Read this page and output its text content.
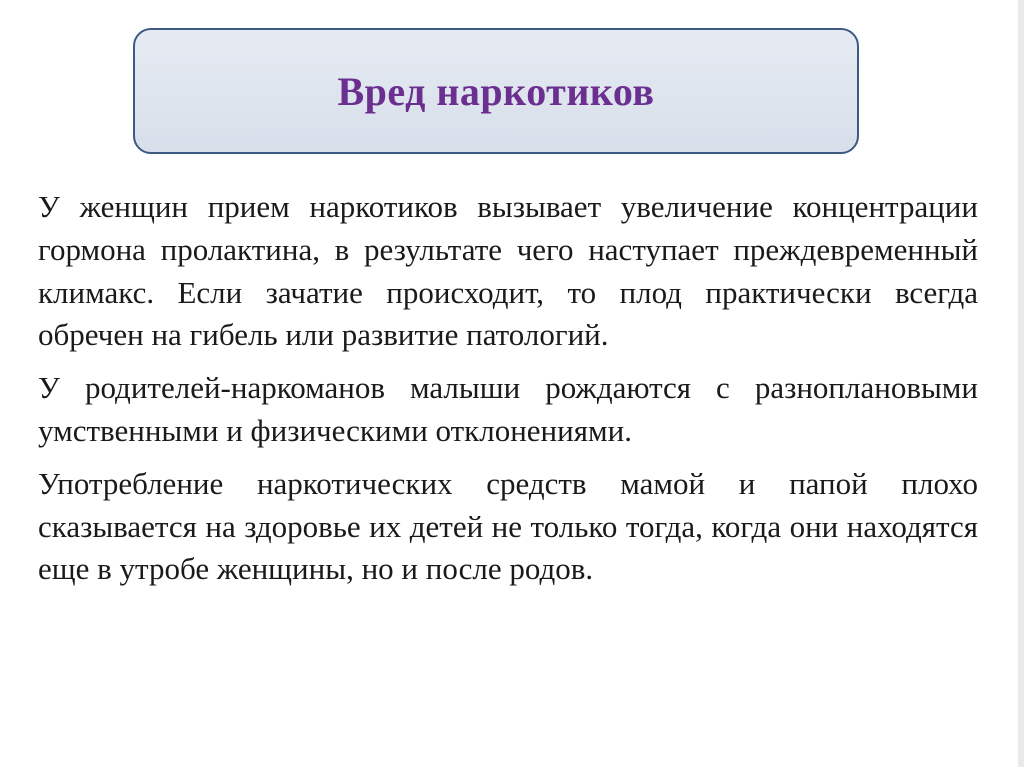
Вред наркотиков

У женщин прием наркотиков вызывает увеличение концентрации гормона пролактина, в результате чего наступает преждевременный климакс. Если зачатие происходит, то плод практически всегда обречен на гибель или развитие патологий.

У родителей-наркоманов малыши рождаются с разноплановыми умственными и физическими отклонениями.

Употребление наркотических средств мамой и папой плохо сказывается на здоровье их детей не только тогда, когда они находятся еще в утробе женщины, но и после родов.
